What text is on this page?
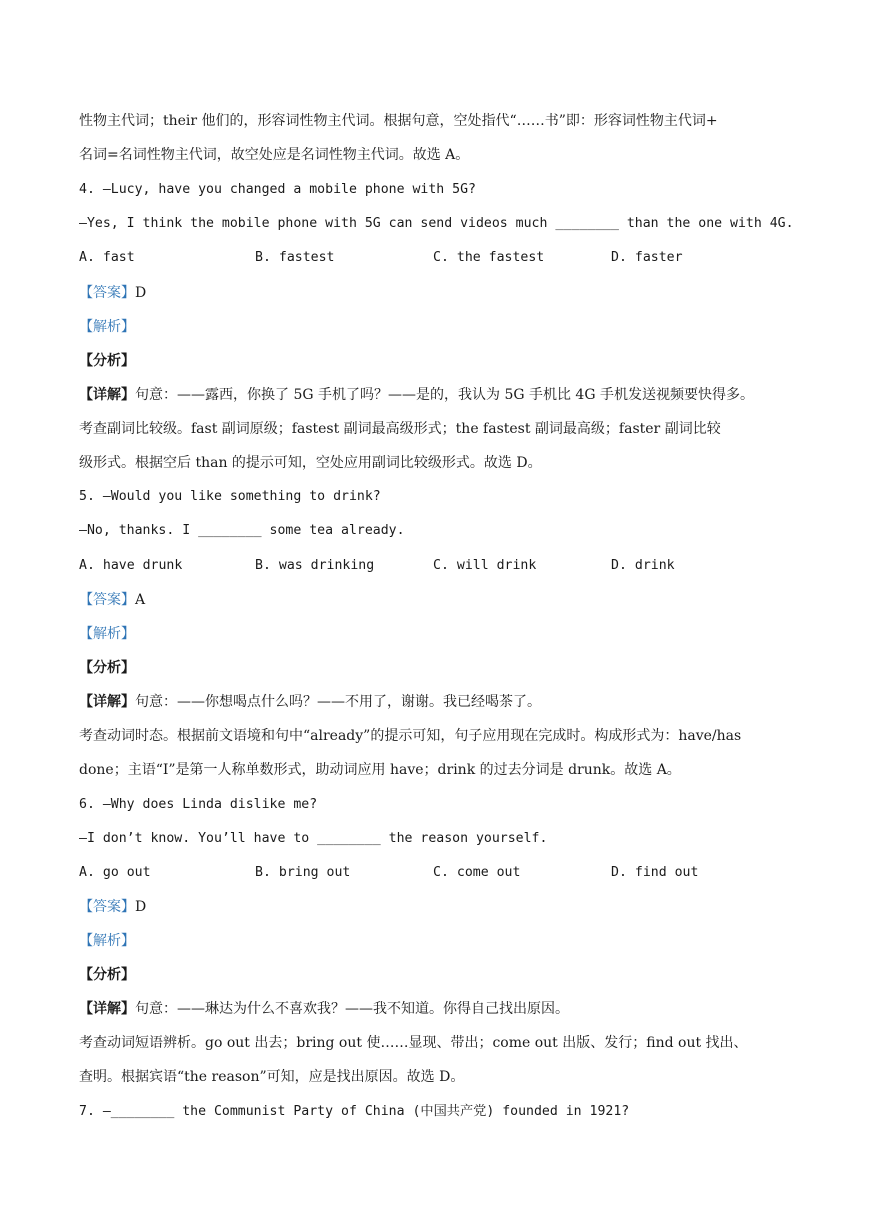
性物主代词；their 他们的，形容词性物主代词。根据句意，空处指代“……书”即：形容词性物主代词+
名词=名词性物主代词，故空处应是名词性物主代词。故选 A。
4. —Lucy, have you changed a mobile phone with 5G?
—Yes, I think the mobile phone with 5G can send videos much ________ than the one with 4G.
A. fast	B. fastest	C. the fastest	D. faster
【答案】D
【解析】
【分析】
【详解】句意：——露西，你换了 5G 手机了吗？——是的，我认为 5G 手机比 4G 手机发送视频要快得多。
考查副词比较级。fast 副词原级；fastest 副词最高级形式；the fastest 副词最高级；faster 副词比较
级形式。根据空后 than 的提示可知，空处应用副词比较级形式。故选 D。
5. —Would you like something to drink?
—No, thanks. I ________ some tea already.
A. have drunk	B. was drinking	C. will drink	D. drink
【答案】A
【解析】
【分析】
【详解】句意：——你想喝点什么吗？——不用了，谢谢。我已经喝茶了。
考查动词时态。根据前文语境和句中“already”的提示可知，句子应用现在完成时。构成形式为：have/has
done；主语“I”是第一人称单数形式，助动词应用 have；drink 的过去分词是 drunk。故选 A。
6. —Why does Linda dislike me?
—I don’t know. You’ll have to ________ the reason yourself.
A. go out	B. bring out	C. come out	D. find out
【答案】D
【解析】
【分析】
【详解】句意：——琳达为什么不喜欢我？——我不知道。你得自己找出原因。
考查动词短语辨析。go out 出去；bring out 使……显现、带出；come out 出版、发行；find out 找出、
查明。根据宾语“the reason”可知，应是找出原因。故选 D。
7. —________ the Communist Party of China (中国共产党) founded in 1921?
